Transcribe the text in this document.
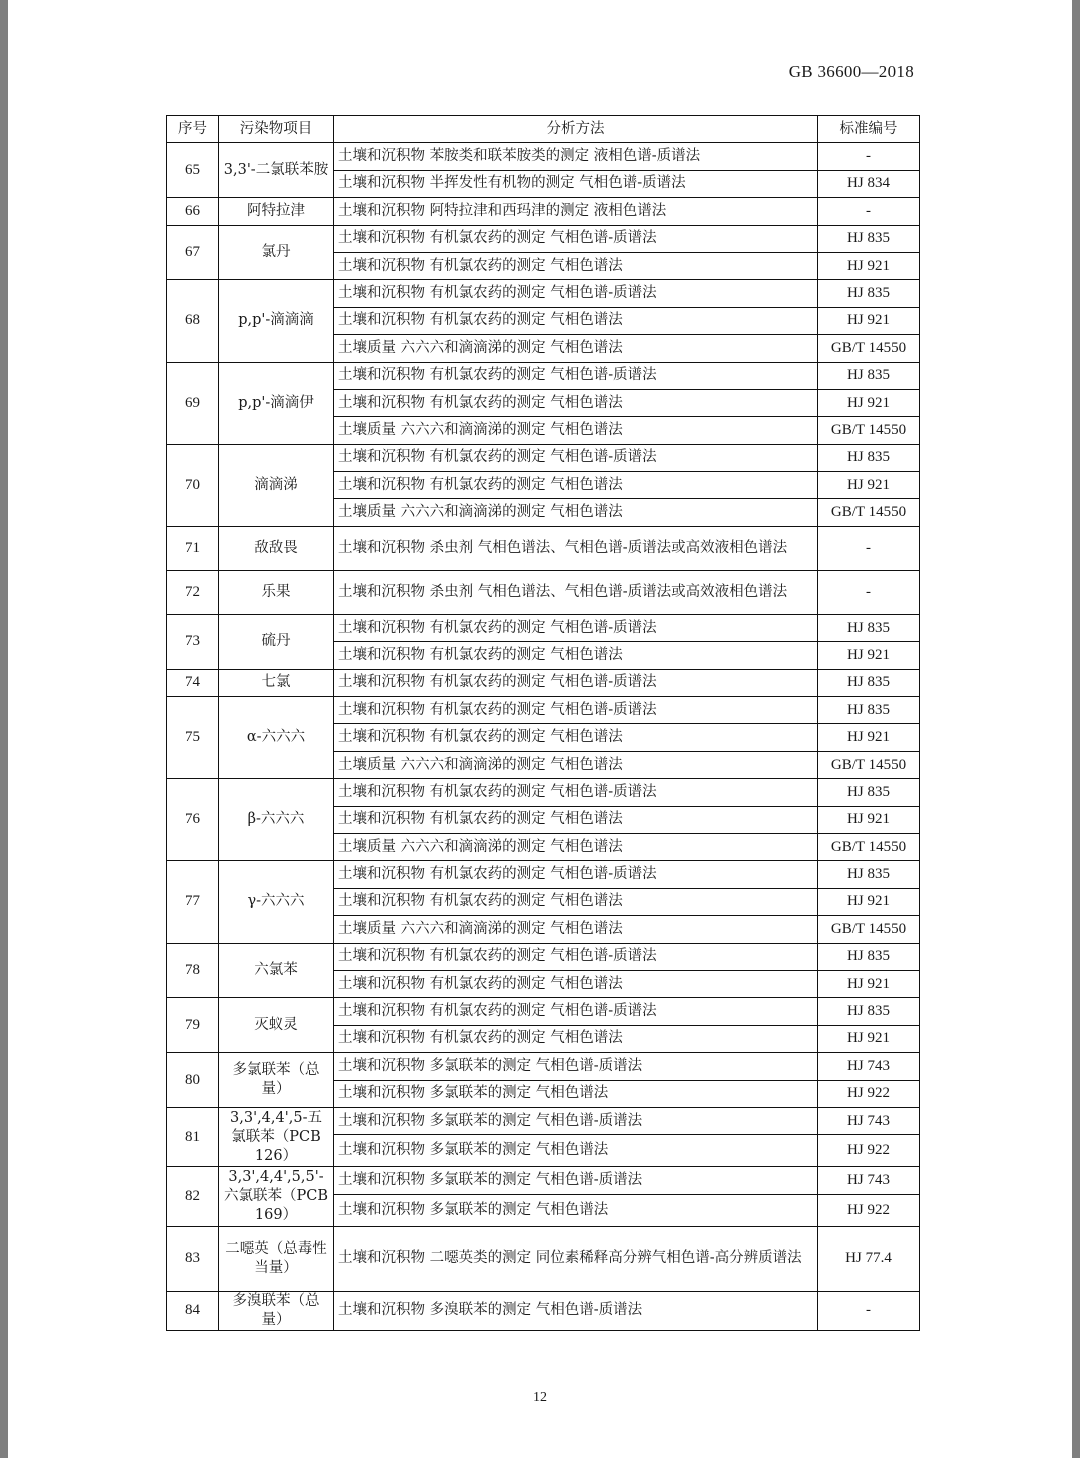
GB 36600—2018
序号	污染物项目	分析方法	标准编号
65	3,3'-二氯联苯胺	土壤和沉积物 苯胺类和联苯胺类的测定 液相色谱-质谱法	-
		土壤和沉积物 半挥发性有机物的测定 气相色谱-质谱法	HJ 834
66	阿特拉津	土壤和沉积物 阿特拉津和西玛津的测定 液相色谱法	-
67	氯丹	土壤和沉积物 有机氯农药的测定 气相色谱-质谱法	HJ 835
		土壤和沉积物 有机氯农药的测定 气相色谱法	HJ 921
68	p,p'-滴滴滴	土壤和沉积物 有机氯农药的测定 气相色谱-质谱法	HJ 835
		土壤和沉积物 有机氯农药的测定 气相色谱法	HJ 921
		土壤质量 六六六和滴滴涕的测定 气相色谱法	GB/T 14550
69	p,p'-滴滴伊	土壤和沉积物 有机氯农药的测定 气相色谱-质谱法	HJ 835
		土壤和沉积物 有机氯农药的测定 气相色谱法	HJ 921
		土壤质量 六六六和滴滴涕的测定 气相色谱法	GB/T 14550
70	滴滴涕	土壤和沉积物 有机氯农药的测定 气相色谱-质谱法	HJ 835
		土壤和沉积物 有机氯农药的测定 气相色谱法	HJ 921
		土壤质量 六六六和滴滴涕的测定 气相色谱法	GB/T 14550
71	敌敌畏	土壤和沉积物 杀虫剂 气相色谱法、气相色谱-质谱法或高效液相色谱法	-
72	乐果	土壤和沉积物 杀虫剂 气相色谱法、气相色谱-质谱法或高效液相色谱法	-
73	硫丹	土壤和沉积物 有机氯农药的测定 气相色谱-质谱法	HJ 835
		土壤和沉积物 有机氯农药的测定 气相色谱法	HJ 921
74	七氯	土壤和沉积物 有机氯农药的测定 气相色谱-质谱法	HJ 835
75	α-六六六	土壤和沉积物 有机氯农药的测定 气相色谱-质谱法	HJ 835
		土壤和沉积物 有机氯农药的测定 气相色谱法	HJ 921
		土壤质量 六六六和滴滴涕的测定 气相色谱法	GB/T 14550
76	β-六六六	土壤和沉积物 有机氯农药的测定 气相色谱-质谱法	HJ 835
		土壤和沉积物 有机氯农药的测定 气相色谱法	HJ 921
		土壤质量 六六六和滴滴涕的测定 气相色谱法	GB/T 14550
77	γ-六六六	土壤和沉积物 有机氯农药的测定 气相色谱-质谱法	HJ 835
		土壤和沉积物 有机氯农药的测定 气相色谱法	HJ 921
		土壤质量 六六六和滴滴涕的测定 气相色谱法	GB/T 14550
78	六氯苯	土壤和沉积物 有机氯农药的测定 气相色谱-质谱法	HJ 835
		土壤和沉积物 有机氯农药的测定 气相色谱法	HJ 921
79	灭蚁灵	土壤和沉积物 有机氯农药的测定 气相色谱-质谱法	HJ 835
		土壤和沉积物 有机氯农药的测定 气相色谱法	HJ 921
80	多氯联苯（总量）	土壤和沉积物 多氯联苯的测定 气相色谱-质谱法	HJ 743
		土壤和沉积物 多氯联苯的测定 气相色谱法	HJ 922
81	3,3',4,4',5-五氯联苯（PCB 126）	土壤和沉积物 多氯联苯的测定 气相色谱-质谱法	HJ 743
		土壤和沉积物 多氯联苯的测定 气相色谱法	HJ 922
82	3,3',4,4',5,5'-六氯联苯（PCB 169）	土壤和沉积物 多氯联苯的测定 气相色谱-质谱法	HJ 743
		土壤和沉积物 多氯联苯的测定 气相色谱法	HJ 922
83	二噁英（总毒性当量）	土壤和沉积物 二噁英类的测定 同位素稀释高分辨气相色谱-高分辨质谱法	HJ 77.4
84	多溴联苯（总量）	土壤和沉积物 多溴联苯的测定 气相色谱-质谱法	-
12
